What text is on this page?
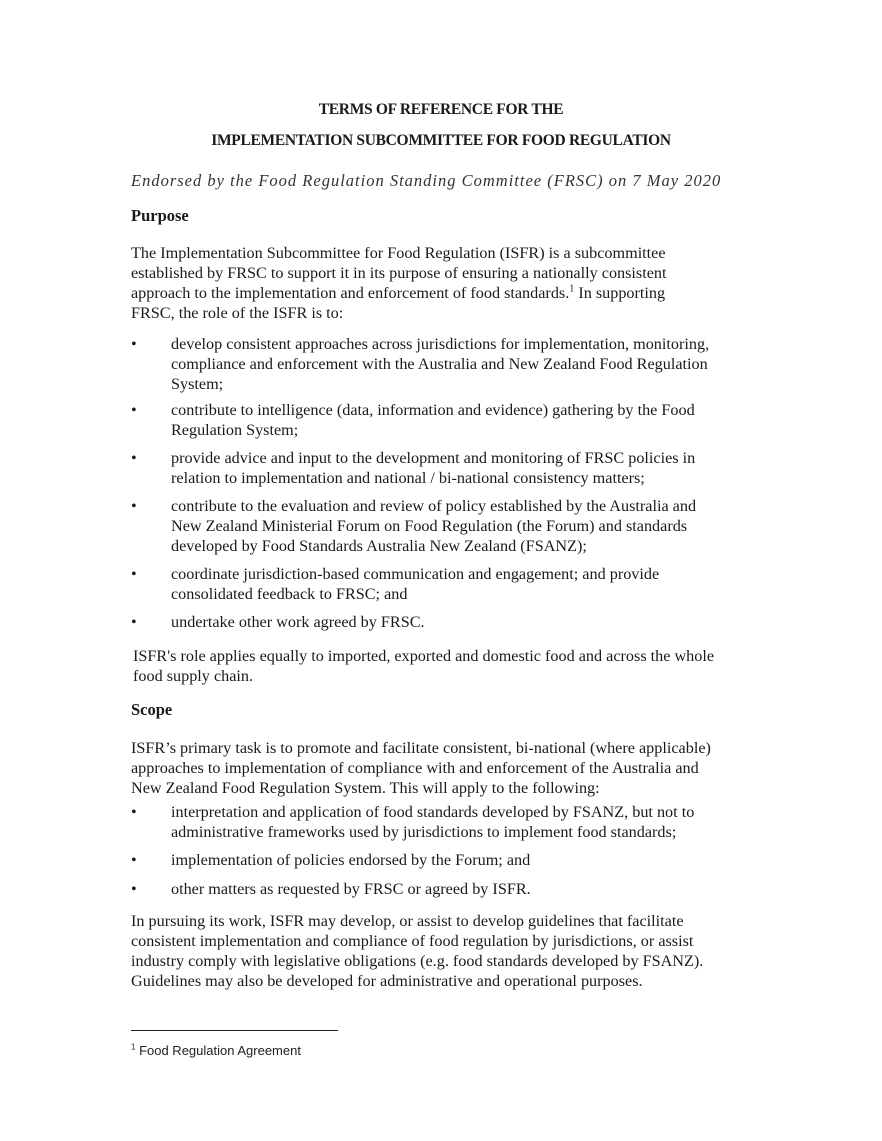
TERMS OF REFERENCE FOR THE
IMPLEMENTATION SUBCOMMITTEE FOR FOOD REGULATION
Endorsed by the Food Regulation Standing Committee (FRSC) on 7 May 2020
Purpose
The Implementation Subcommittee for Food Regulation (ISFR) is a subcommittee
established by FRSC to support it in its purpose of ensuring a nationally consistent
approach to the implementation and enforcement of food standards.$^1$ In supporting
FRSC, the role of the ISFR is to:
•	develop consistent approaches across jurisdictions for implementation, monitoring,
compliance and enforcement with the Australia and New Zealand Food Regulation
System;
•	contribute to intelligence (data, information and evidence) gathering by the Food
Regulation System;
•	provide advice and input to the development and monitoring of FRSC policies in
relation to implementation and national / bi-national consistency matters;
•	contribute to the evaluation and review of policy established by the Australia and
New Zealand Ministerial Forum on Food Regulation (the Forum) and standards
developed by Food Standards Australia New Zealand (FSANZ);
•	coordinate jurisdiction-based communication and engagement; and provide
consolidated feedback to FRSC; and
•	undertake other work agreed by FRSC.
ISFR's role applies equally to imported, exported and domestic food and across the whole
food supply chain.
Scope
ISFR’s primary task is to promote and facilitate consistent, bi-national (where applicable)
approaches to implementation of compliance with and enforcement of the Australia and
New Zealand Food Regulation System. This will apply to the following:
•	interpretation and application of food standards developed by FSANZ, but not to
administrative frameworks used by jurisdictions to implement food standards;
•	implementation of policies endorsed by the Forum; and
•	other matters as requested by FRSC or agreed by ISFR.
In pursuing its work, ISFR may develop, or assist to develop guidelines that facilitate
consistent implementation and compliance of food regulation by jurisdictions, or assist
industry comply with legislative obligations (e.g. food standards developed by FSANZ).
Guidelines may also be developed for administrative and operational purposes.
$^1$ Food Regulation Agreement
